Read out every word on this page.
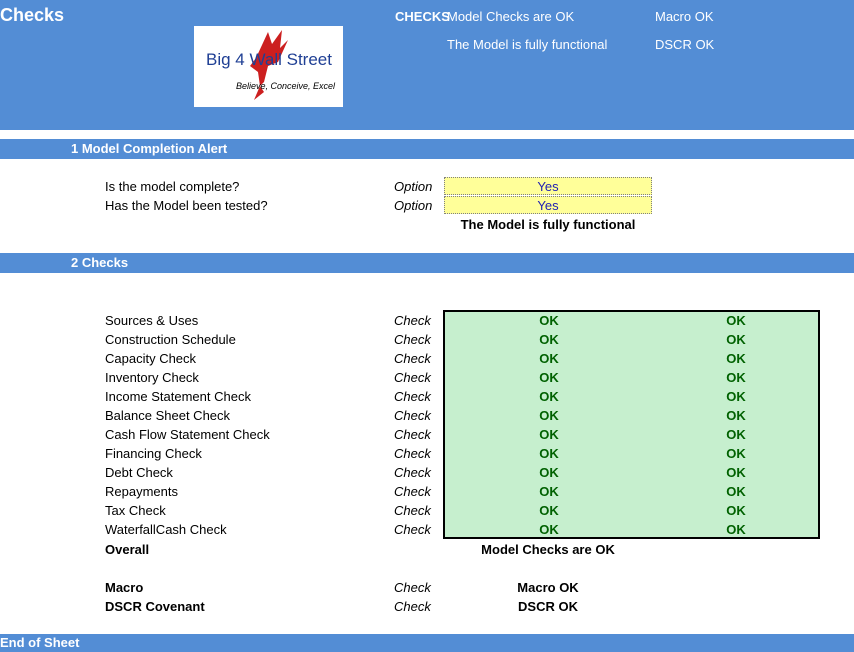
Checks	CHECKS
Model Checks are OK	Macro OK
The Model is fully functional	DSCR OK
Big 4 Wall Street
Believe, Conceive, Excel
1 Model Completion Alert
Is the model complete?	Option	Yes
Has the Model been tested?	Option	Yes
The Model is fully functional
2 Checks
Sources & Uses	Check	OK	OK
Construction Schedule	Check	OK	OK
Capacity Check	Check	OK	OK
Inventory Check	Check	OK	OK
Income Statement Check	Check	OK	OK
Balance Sheet Check	Check	OK	OK
Cash Flow Statement Check	Check	OK	OK
Financing Check	Check	OK	OK
Debt Check	Check	OK	OK
Repayments	Check	OK	OK
Tax Check	Check	OK	OK
WaterfallCash Check	Check	OK	OK
Overall	Model Checks are OK
Macro	Check	Macro OK
DSCR Covenant	Check	DSCR OK
End of Sheet
